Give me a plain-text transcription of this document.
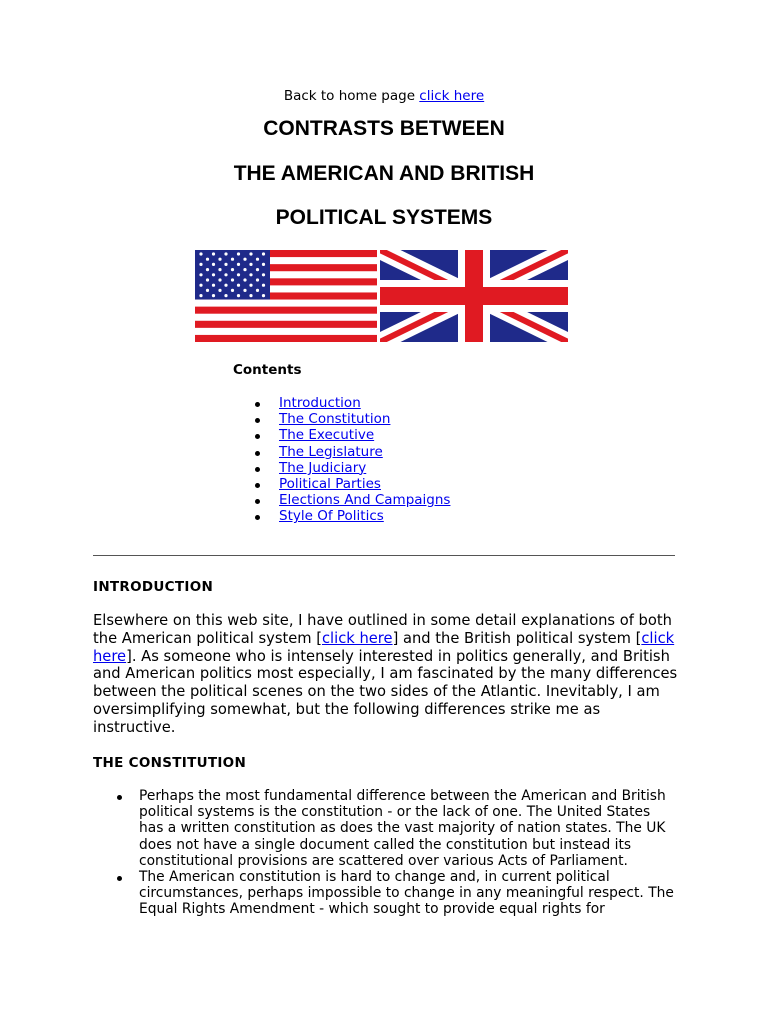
Back to home page click here
CONTRASTS BETWEEN
THE AMERICAN AND BRITISH
POLITICAL SYSTEMS
Contents
Introduction
The Constitution
The Executive
The Legislature
The Judiciary
Political Parties
Elections And Campaigns
Style Of Politics
INTRODUCTION

Elsewhere on this web site, I have outlined in some detail explanations of both the American political system [click here] and the British political system [click here]. As someone who is intensely interested in politics generally, and British and American politics most especially, I am fascinated by the many differences between the political scenes on the two sides of the Atlantic. Inevitably, I am oversimplifying somewhat, but the following differences strike me as instructive.

THE CONSTITUTION
Perhaps the most fundamental difference between the American and British political systems is the constitution - or the lack of one. The United States has a written constitution as does the vast majority of nation states. The UK does not have a single document called the constitution but instead its constitutional provisions are scattered over various Acts of Parliament.
The American constitution is hard to change and, in current political circumstances, perhaps impossible to change in any meaningful respect. The Equal Rights Amendment - which sought to provide equal rights for
